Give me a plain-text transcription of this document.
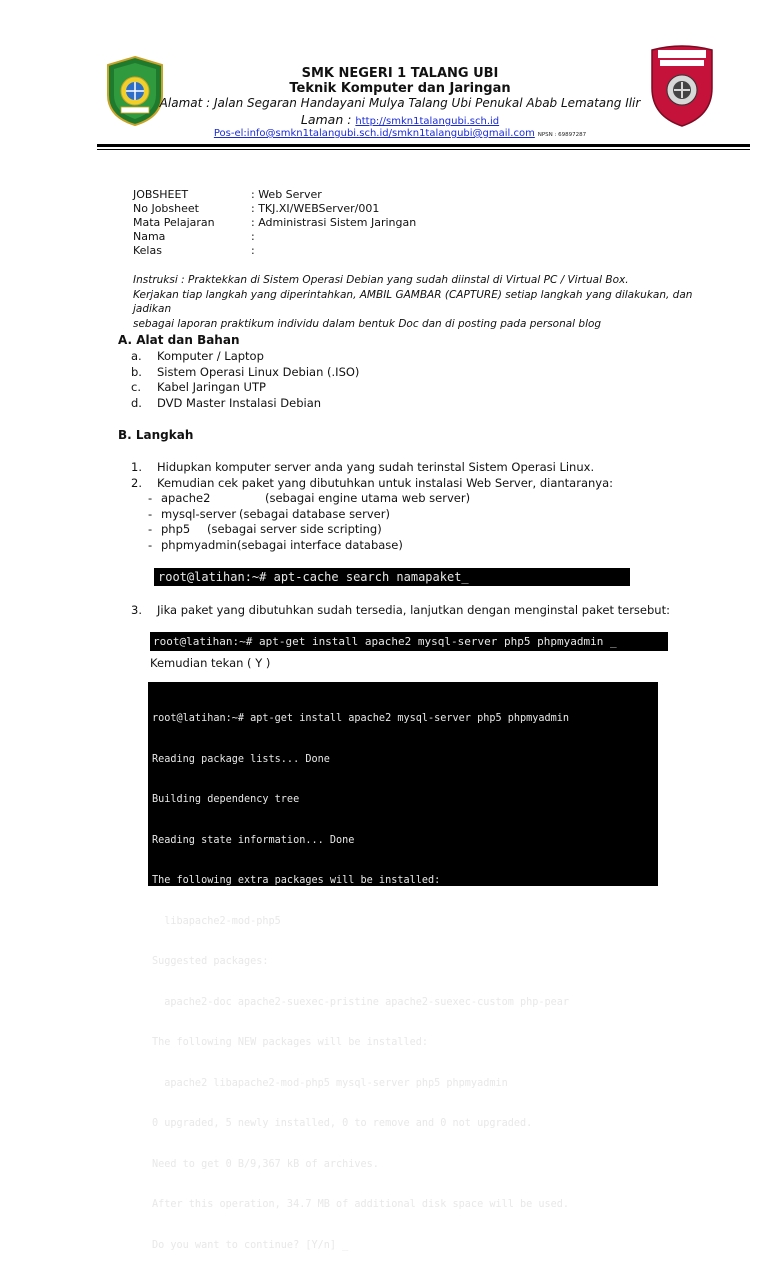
SMK NEGERI 1 TALANG UBI
Teknik Komputer dan Jaringan
Alamat : Jalan Segaran Handayani Mulya Talang Ubi Penukal Abab Lematang Ilir
Laman : http://smkn1talangubi.sch.id
Pos-el:info@smkn1talangubi.sch.id/smkn1talangubi@gmail.com NPSN : 69897287
JOBSHEET	: Web Server
No Jobsheet	: TKJ.XI/WEBServer/001
Mata Pelajaran	: Administrasi Sistem Jaringan
Nama	:
Kelas	:
Instruksi : Praktekkan di Sistem Operasi Debian yang sudah diinstal di Virtual PC / Virtual Box.
Kerjakan tiap langkah yang diperintahkan, AMBIL GAMBAR (CAPTURE) setiap langkah yang dilakukan, dan jadikan
sebagai laporan praktikum individu dalam bentuk Doc dan di posting pada personal blog
A. Alat dan Bahan
a.	Komputer / Laptop
b.	Sistem Operasi Linux Debian (.ISO)
c.	Kabel Jaringan UTP
d.	DVD Master Instalasi Debian
B. Langkah
1.	Hidupkan komputer server anda yang sudah terinstal Sistem Operasi Linux.
2.	Kemudian cek paket yang dibutuhkan untuk instalasi Web Server, diantaranya:
- apache2	(sebagai engine utama web server)
- mysql-server (sebagai database server)
- php5	(sebagai server side scripting)
- phpmyadmin (sebagai interface database)
root@latihan:~# apt-cache search namapaket_
3.	Jika paket yang dibutuhkan sudah tersedia, lanjutkan dengan menginstal paket tersebut:
root@latihan:~# apt-get install apache2 mysql-server php5 phpmyadmin _
Kemudian tekan ( Y )

root@latihan:~# apt-get install apache2 mysql-server php5 phpmyadmin

Reading package lists... Done

Building dependency tree

Reading state information... Done

The following extra packages will be installed:

libapache2-mod-php5

Suggested packages:

apache2-doc apache2-suexec-pristine apache2-suexec-custom php-pear

The following NEW packages will be installed:

apache2 libapache2-mod-php5 mysql-server php5 phpmyadmin

0 upgraded, 5 newly installed, 0 to remove and 0 not upgraded.

Need to get 0 B/9,367 kB of archives.

After this operation, 34.7 MB of additional disk space will be used.

Do you want to continue? [Y/n] _
